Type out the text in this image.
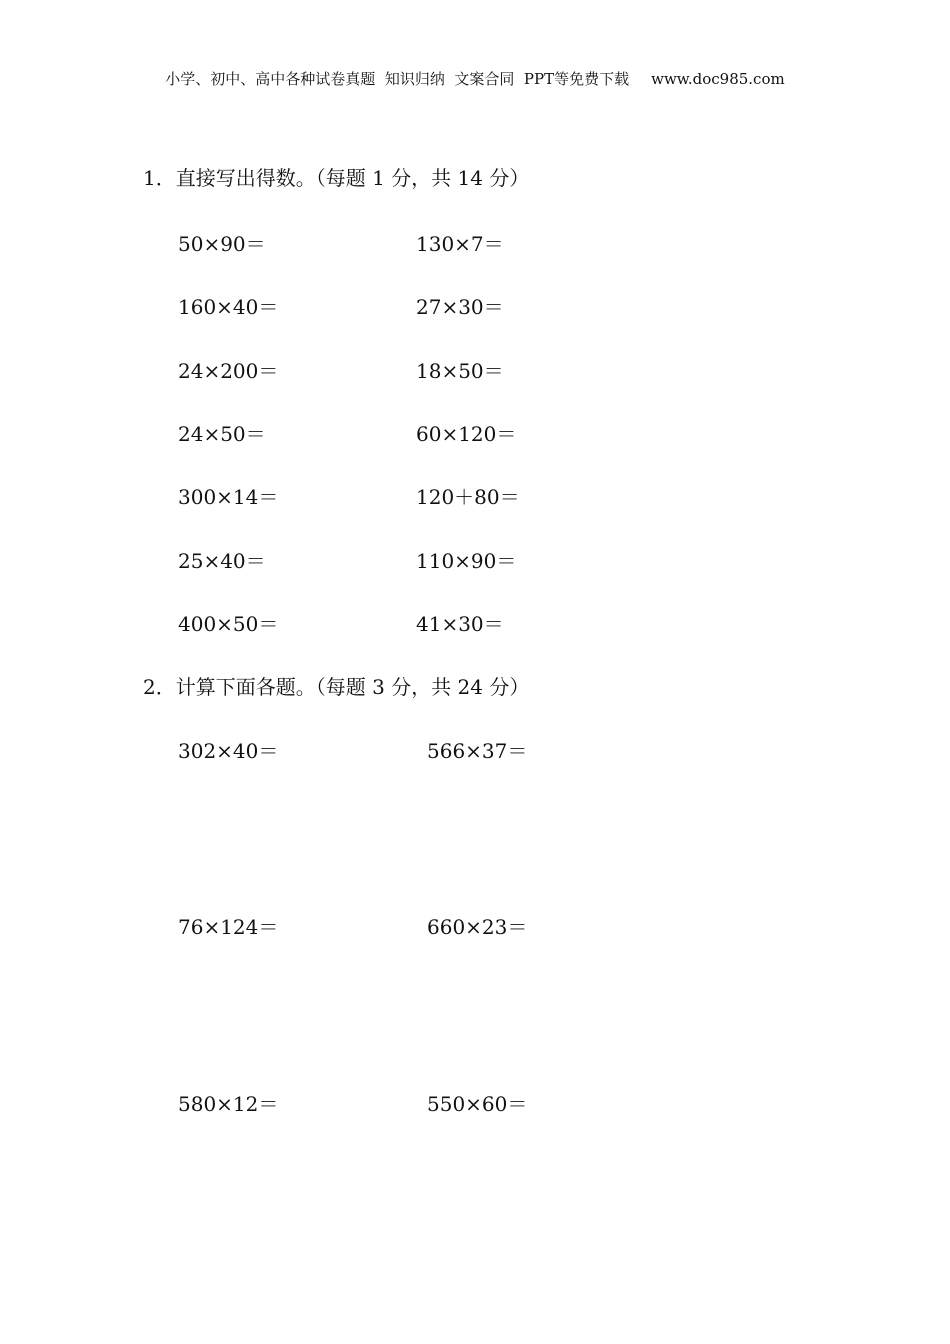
小学、初中、高中各种试卷真题  知识归纳  文案合同  PPT等免费下载 www.doc985.com
1．直接写出得数。（每题 1 分，共 14 分）
50×90＝	130×7＝
160×40＝	27×30＝
24×200＝	18×50＝
24×50＝	60×120＝
300×14＝	120＋80＝
25×40＝	110×90＝
400×50＝	41×30＝
2．计算下面各题。（每题 3 分，共 24 分）
302×40＝	566×37＝
76×124＝	660×23＝
580×12＝	550×60＝
